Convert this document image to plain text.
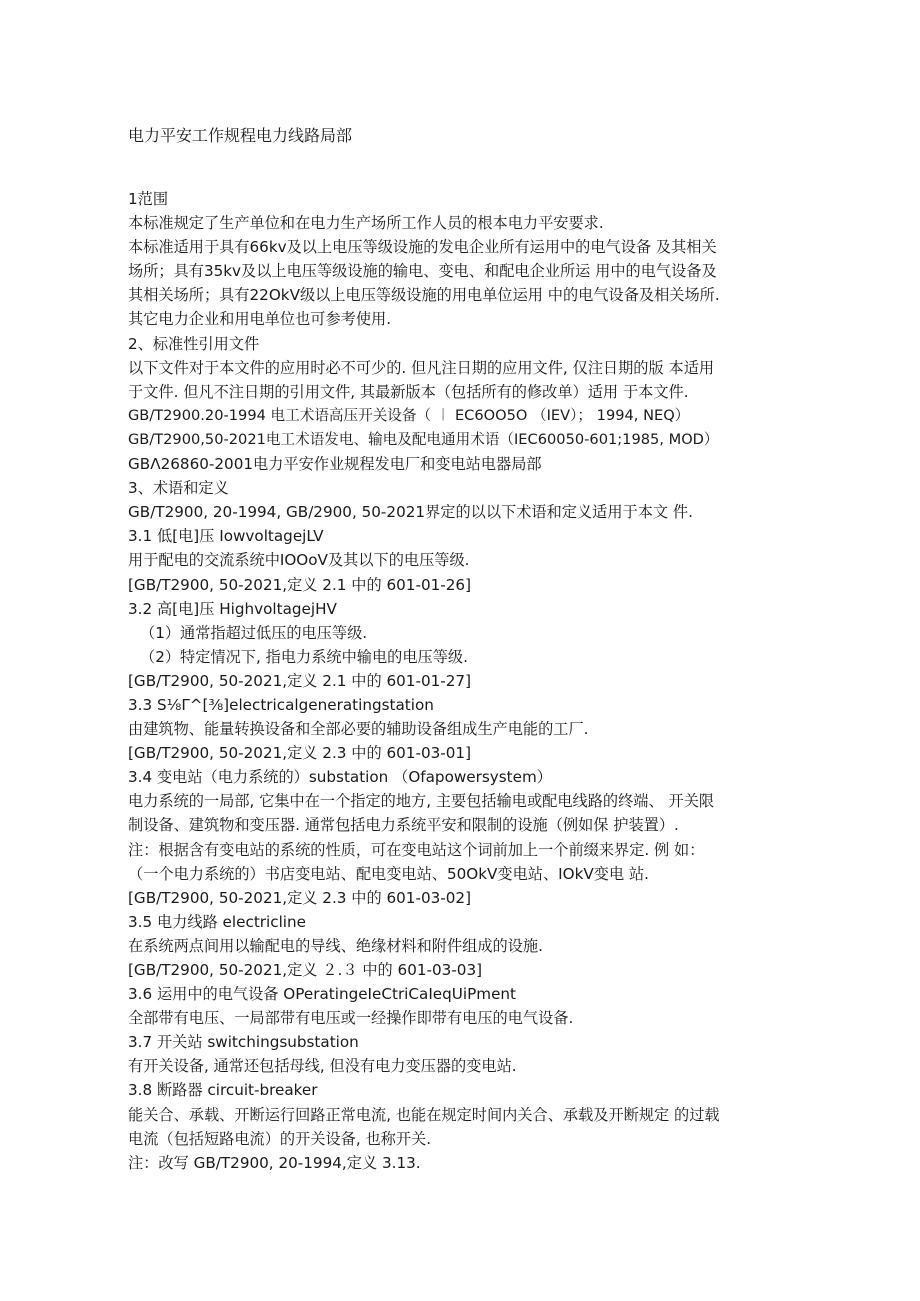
电力平安工作规程电力线路局部
1范围
本标准规定了生产单位和在电力生产场所工作人员的根本电力平安要求.
本标准适用于具有66kv及以上电压等级设施的发电企业所有运用中的电气设备 及其相关
场所；具有35kv及以上电压等级设施的输电、变电、和配电企业所运 用中的电气设备及
其相关场所；具有22OkV级以上电压等级设施的用电单位运用 中的电气设备及相关场所.
其它电力企业和用电单位也可参考使用.
2、标准性引用文件
以下文件对于本文件的应用时必不可少的. 但凡注日期的应用文件, 仅注日期的版 本适用
于文件. 但凡不注日期的引用文件, 其最新版本（包括所有的修改单）适用 于本文件.
GB/T2900.20-1994 电工术语高压开关设备（ ︱ EC6OO5O （IEV）； 1994, NEQ）
GB/T2900,50-2021电工术语发电、输电及配电通用术语（IEC60050-601;1985, MOD）
GBΛ26860-2001电力平安作业规程发电厂和变电站电器局部
3、术语和定义
GB/T2900, 20-1994, GB/2900, 50-2021界定的以以下术语和定义适用于本文 件.
3.1 低[电]压 IowvoltagejLV
用于配电的交流系统中IOOoV及其以下的电压等级.
[GB/T2900, 50-2021,定义 2.1 中的 601-01-26]
3.2 高[电]压 HighvoltagejHV
（1）通常指超过低压的电压等级.
（2）特定情况下, 指电力系统中输电的电压等级.
[GB/T2900, 50-2021,定义 2.1 中的 601-01-27]
3.3 S⅛Γ^[⅜]electricalgeneratingstation
由建筑物、能量转换设备和全部必要的辅助设备组成生产电能的工厂.
[GB/T2900, 50-2021,定义 2.3 中的 601-03-01]
3.4 变电站（电力系统的）substation （Ofapowersystem）
电力系统的一局部, 它集中在一个指定的地方, 主要包括输电或配电线路的终端、 开关限
制设备、建筑物和变压器. 通常包括电力系统平安和限制的设施（例如保 护装置）.
注：根据含有变电站的系统的性质，可在变电站这个词前加上一个前缀来界定. 例 如：
（一个电力系统的）书店变电站、配电变电站、50OkV变电站、IOkV变电 站.
[GB/T2900, 50-2021,定义 2.3 中的 601-03-02]
3.5 电力线路 electricline
在系统两点间用以输配电的导线、绝缘材料和附件组成的设施.
[GB/T2900, 50-2021,定义 ２.３ 中的 601-03-03]
3.6 运用中的电气设备 OPeratingeIeCtriCaIeqUiPment
全部带有电压、一局部带有电压或一经操作即带有电压的电气设备.
3.7 开关站 switchingsubstation
有开关设备, 通常还包括母线, 但没有电力变压器的变电站.
3.8 断路器 circuit-breaker
能关合、承载、开断运行回路正常电流, 也能在规定时间内关合、承载及开断规定 的过载
电流（包括短路电流）的开关设备, 也称开关.
注：改写 GB/T2900, 20-1994,定义 3.13.
